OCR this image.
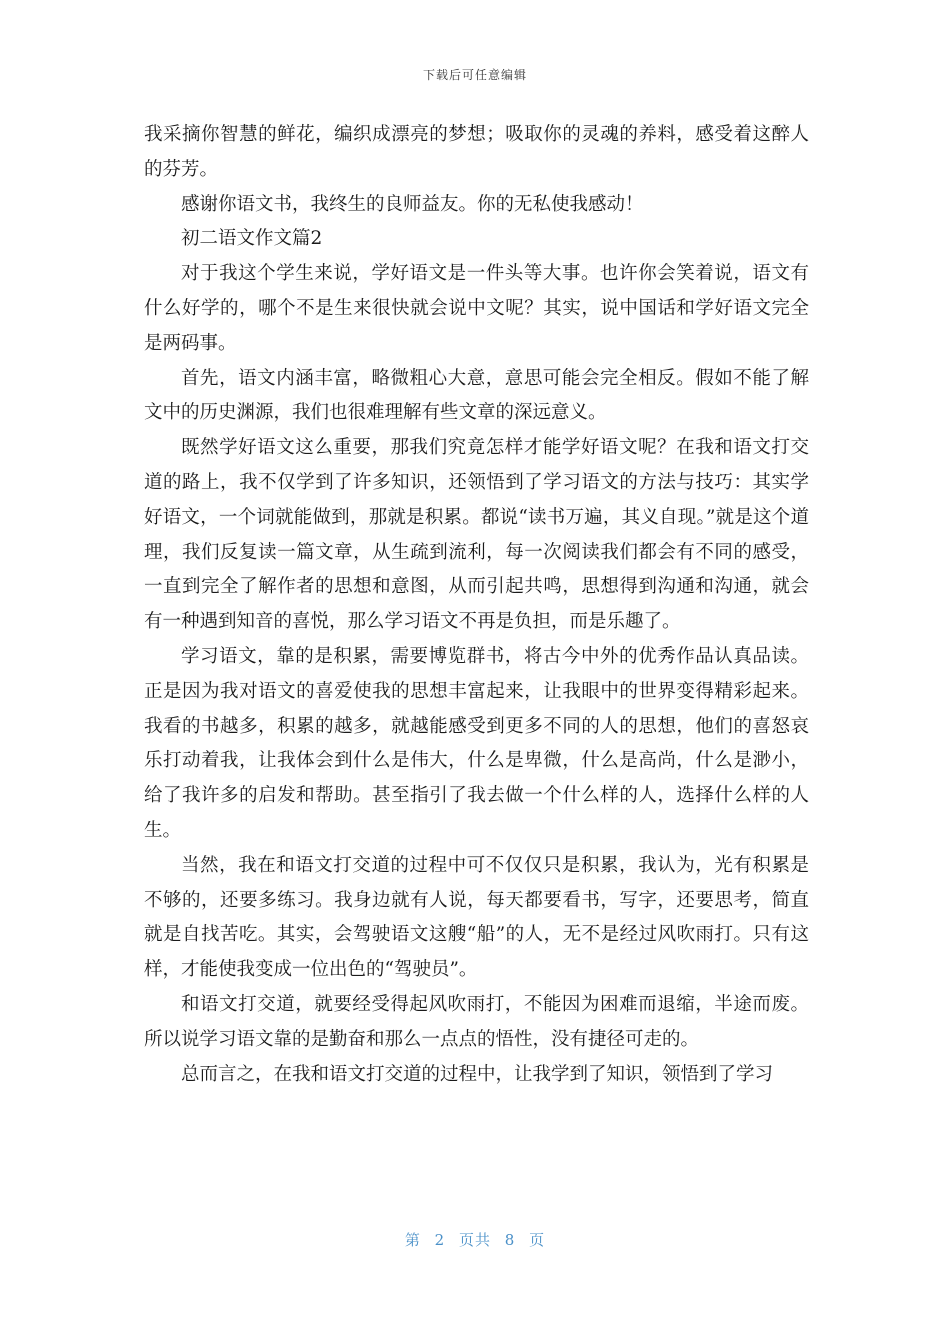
下载后可任意编辑

我采摘你智慧的鲜花，编织成漂亮的梦想；吸取你的灵魂的养料，感受着这醉人的芬芳。

感谢你语文书，我终生的良师益友。你的无私使我感动！

初二语文作文篇2

对于我这个学生来说，学好语文是一件头等大事。也许你会笑着说，语文有什么好学的，哪个不是生来很快就会说中文呢？其实，说中国话和学好语文完全是两码事。

首先，语文内涵丰富，略微粗心大意，意思可能会完全相反。假如不能了解文中的历史渊源，我们也很难理解有些文章的深远意义。

既然学好语文这么重要，那我们究竟怎样才能学好语文呢？在我和语文打交道的路上，我不仅学到了许多知识，还领悟到了学习语文的方法与技巧：其实学好语文，一个词就能做到，那就是积累。都说“读书万遍，其义自现。”就是这个道理，我们反复读一篇文章，从生疏到流利，每一次阅读我们都会有不同的感受，一直到完全了解作者的思想和意图，从而引起共鸣，思想得到沟通和沟通，就会有一种遇到知音的喜悦，那么学习语文不再是负担，而是乐趣了。

学习语文，靠的是积累，需要博览群书，将古今中外的优秀作品认真品读。正是因为我对语文的喜爱使我的思想丰富起来，让我眼中的世界变得精彩起来。我看的书越多，积累的越多，就越能感受到更多不同的人的思想，他们的喜怒哀乐打动着我，让我体会到什么是伟大，什么是卑微，什么是高尚，什么是渺小，给了我许多的启发和帮助。甚至指引了我去做一个什么样的人，选择什么样的人生。

当然，我在和语文打交道的过程中可不仅仅只是积累，我认为，光有积累是不够的，还要多练习。我身边就有人说，每天都要看书，写字，还要思考，简直就是自找苦吃。其实，会驾驶语文这艘“船”的人，无不是经过风吹雨打。只有这样，才能使我变成一位出色的“驾驶员”。

和语文打交道，就要经受得起风吹雨打，不能因为困难而退缩，半途而废。所以说学习语文靠的是勤奋和那么一点点的悟性，没有捷径可走的。

总而言之，在我和语文打交道的过程中，让我学到了知识，领悟到了学习

第 2 页共 8 页
